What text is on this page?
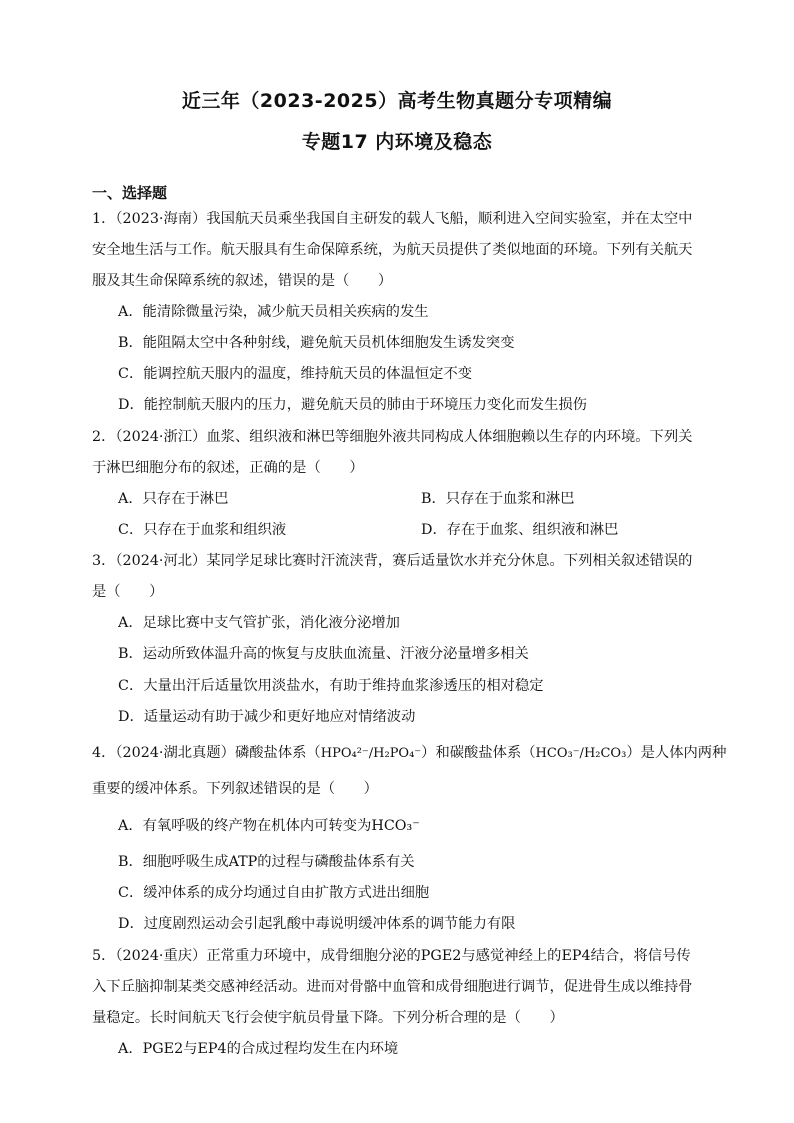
近三年（2023-2025）高考生物真题分专项精编
专题17 内环境及稳态
一、选择题
1．（2023·海南）我国航天员乘坐我国自主研发的载人飞船，顺利进入空间实验室，并在太空中
安全地生活与工作。航天服具有生命保障系统，为航天员提供了类似地面的环境。下列有关航天
服及其生命保障系统的叙述，错误的是（　　）
A．能清除微量污染，减少航天员相关疾病的发生
B．能阻隔太空中各种射线，避免航天员机体细胞发生诱发突变
C．能调控航天服内的温度，维持航天员的体温恒定不变
D．能控制航天服内的压力，避免航天员的肺由于环境压力变化而发生损伤
2．（2024·浙江）血浆、组织液和淋巴等细胞外液共同构成人体细胞赖以生存的内环境。下列关
于淋巴细胞分布的叙述，正确的是（　　）
A．只存在于淋巴	B．只存在于血浆和淋巴
C．只存在于血浆和组织液	D．存在于血浆、组织液和淋巴
3．（2024·河北）某同学足球比赛时汗流浃背，赛后适量饮水并充分休息。下列相关叙述错误的
是（　　）
A．足球比赛中支气管扩张，消化液分泌增加
B．运动所致体温升高的恢复与皮肤血流量、汗液分泌量增多相关
C．大量出汗后适量饮用淡盐水，有助于维持血浆渗透压的相对稳定
D．适量运动有助于减少和更好地应对情绪波动
4．（2024·湖北真题）磷酸盐体系（HPO₄²⁻/H₂PO₄⁻）和碳酸盐体系（HCO₃⁻/H₂CO₃）是人体内两种
重要的缓冲体系。下列叙述错误的是（　　）
A．有氧呼吸的终产物在机体内可转变为HCO₃⁻
B．细胞呼吸生成ATP的过程与磷酸盐体系有关
C．缓冲体系的成分均通过自由扩散方式进出细胞
D．过度剧烈运动会引起乳酸中毒说明缓冲体系的调节能力有限
5．（2024·重庆）正常重力环境中，成骨细胞分泌的PGE2与感觉神经上的EP4结合，将信号传
入下丘脑抑制某类交感神经活动。进而对骨骼中血管和成骨细胞进行调节，促进骨生成以维持骨
量稳定。长时间航天飞行会使宇航员骨量下降。下列分析合理的是（　　）
A．PGE2与EP4的合成过程均发生在内环境
